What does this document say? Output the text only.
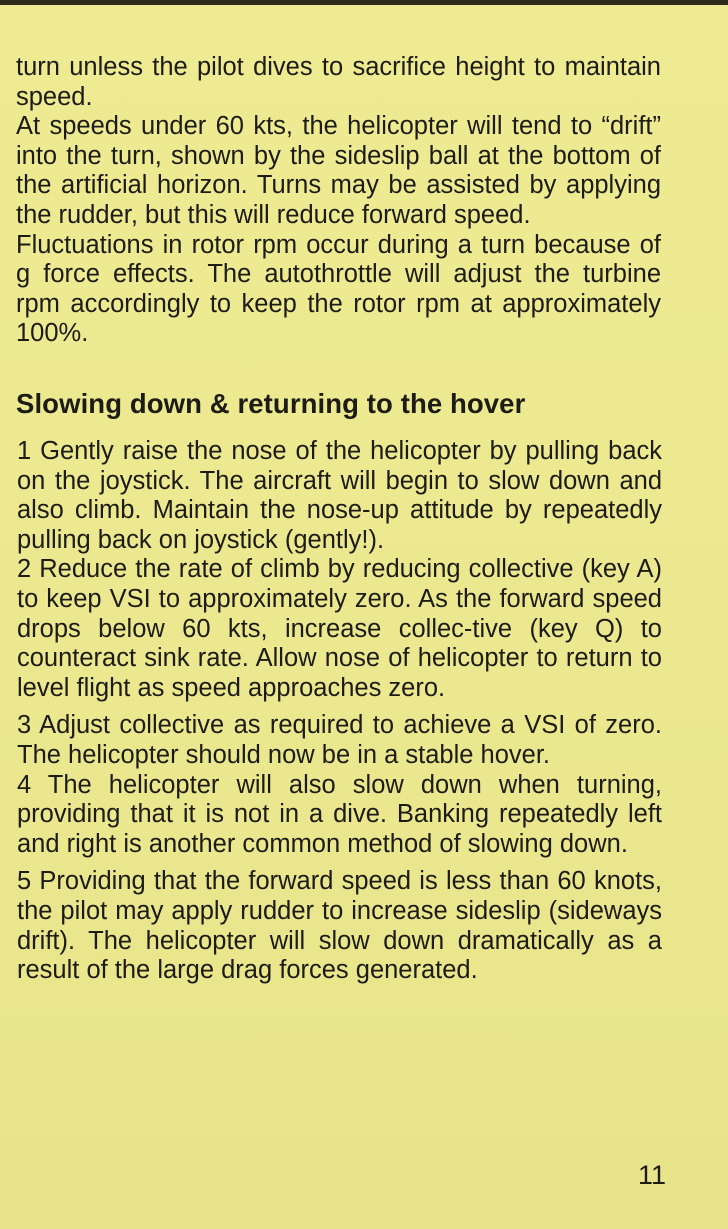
turn unless the pilot dives to sacrifice height to maintain speed.

At speeds under 60 kts, the helicopter will tend to “drift” into the turn, shown by the sideslip ball at the bottom of the artificial horizon. Turns may be assisted by applying the rudder, but this will reduce forward speed.

Fluctuations in rotor rpm occur during a turn because of g force effects. The autothrottle will adjust the turbine rpm accordingly to keep the rotor rpm at approximately 100%.

Slowing down & returning to the hover

1 Gently raise the nose of the helicopter by pulling back on the joystick. The aircraft will begin to slow down and also climb. Maintain the nose-up attitude by repeatedly pulling back on joystick (gently!).

2 Reduce the rate of climb by reducing collective (key A) to keep VSI to approximately zero. As the forward speed drops below 60 kts, increase collec-tive (key Q) to counteract sink rate. Allow nose of helicopter to return to level flight as speed approaches zero.

3 Adjust collective as required to achieve a VSI of zero. The helicopter should now be in a stable hover.

4 The helicopter will also slow down when turning, providing that it is not in a dive. Banking repeatedly left and right is another common method of slowing down.

5 Providing that the forward speed is less than 60 knots, the pilot may apply rudder to increase sideslip (sideways drift). The helicopter will slow down dramatically as a result of the large drag forces generated.

11
